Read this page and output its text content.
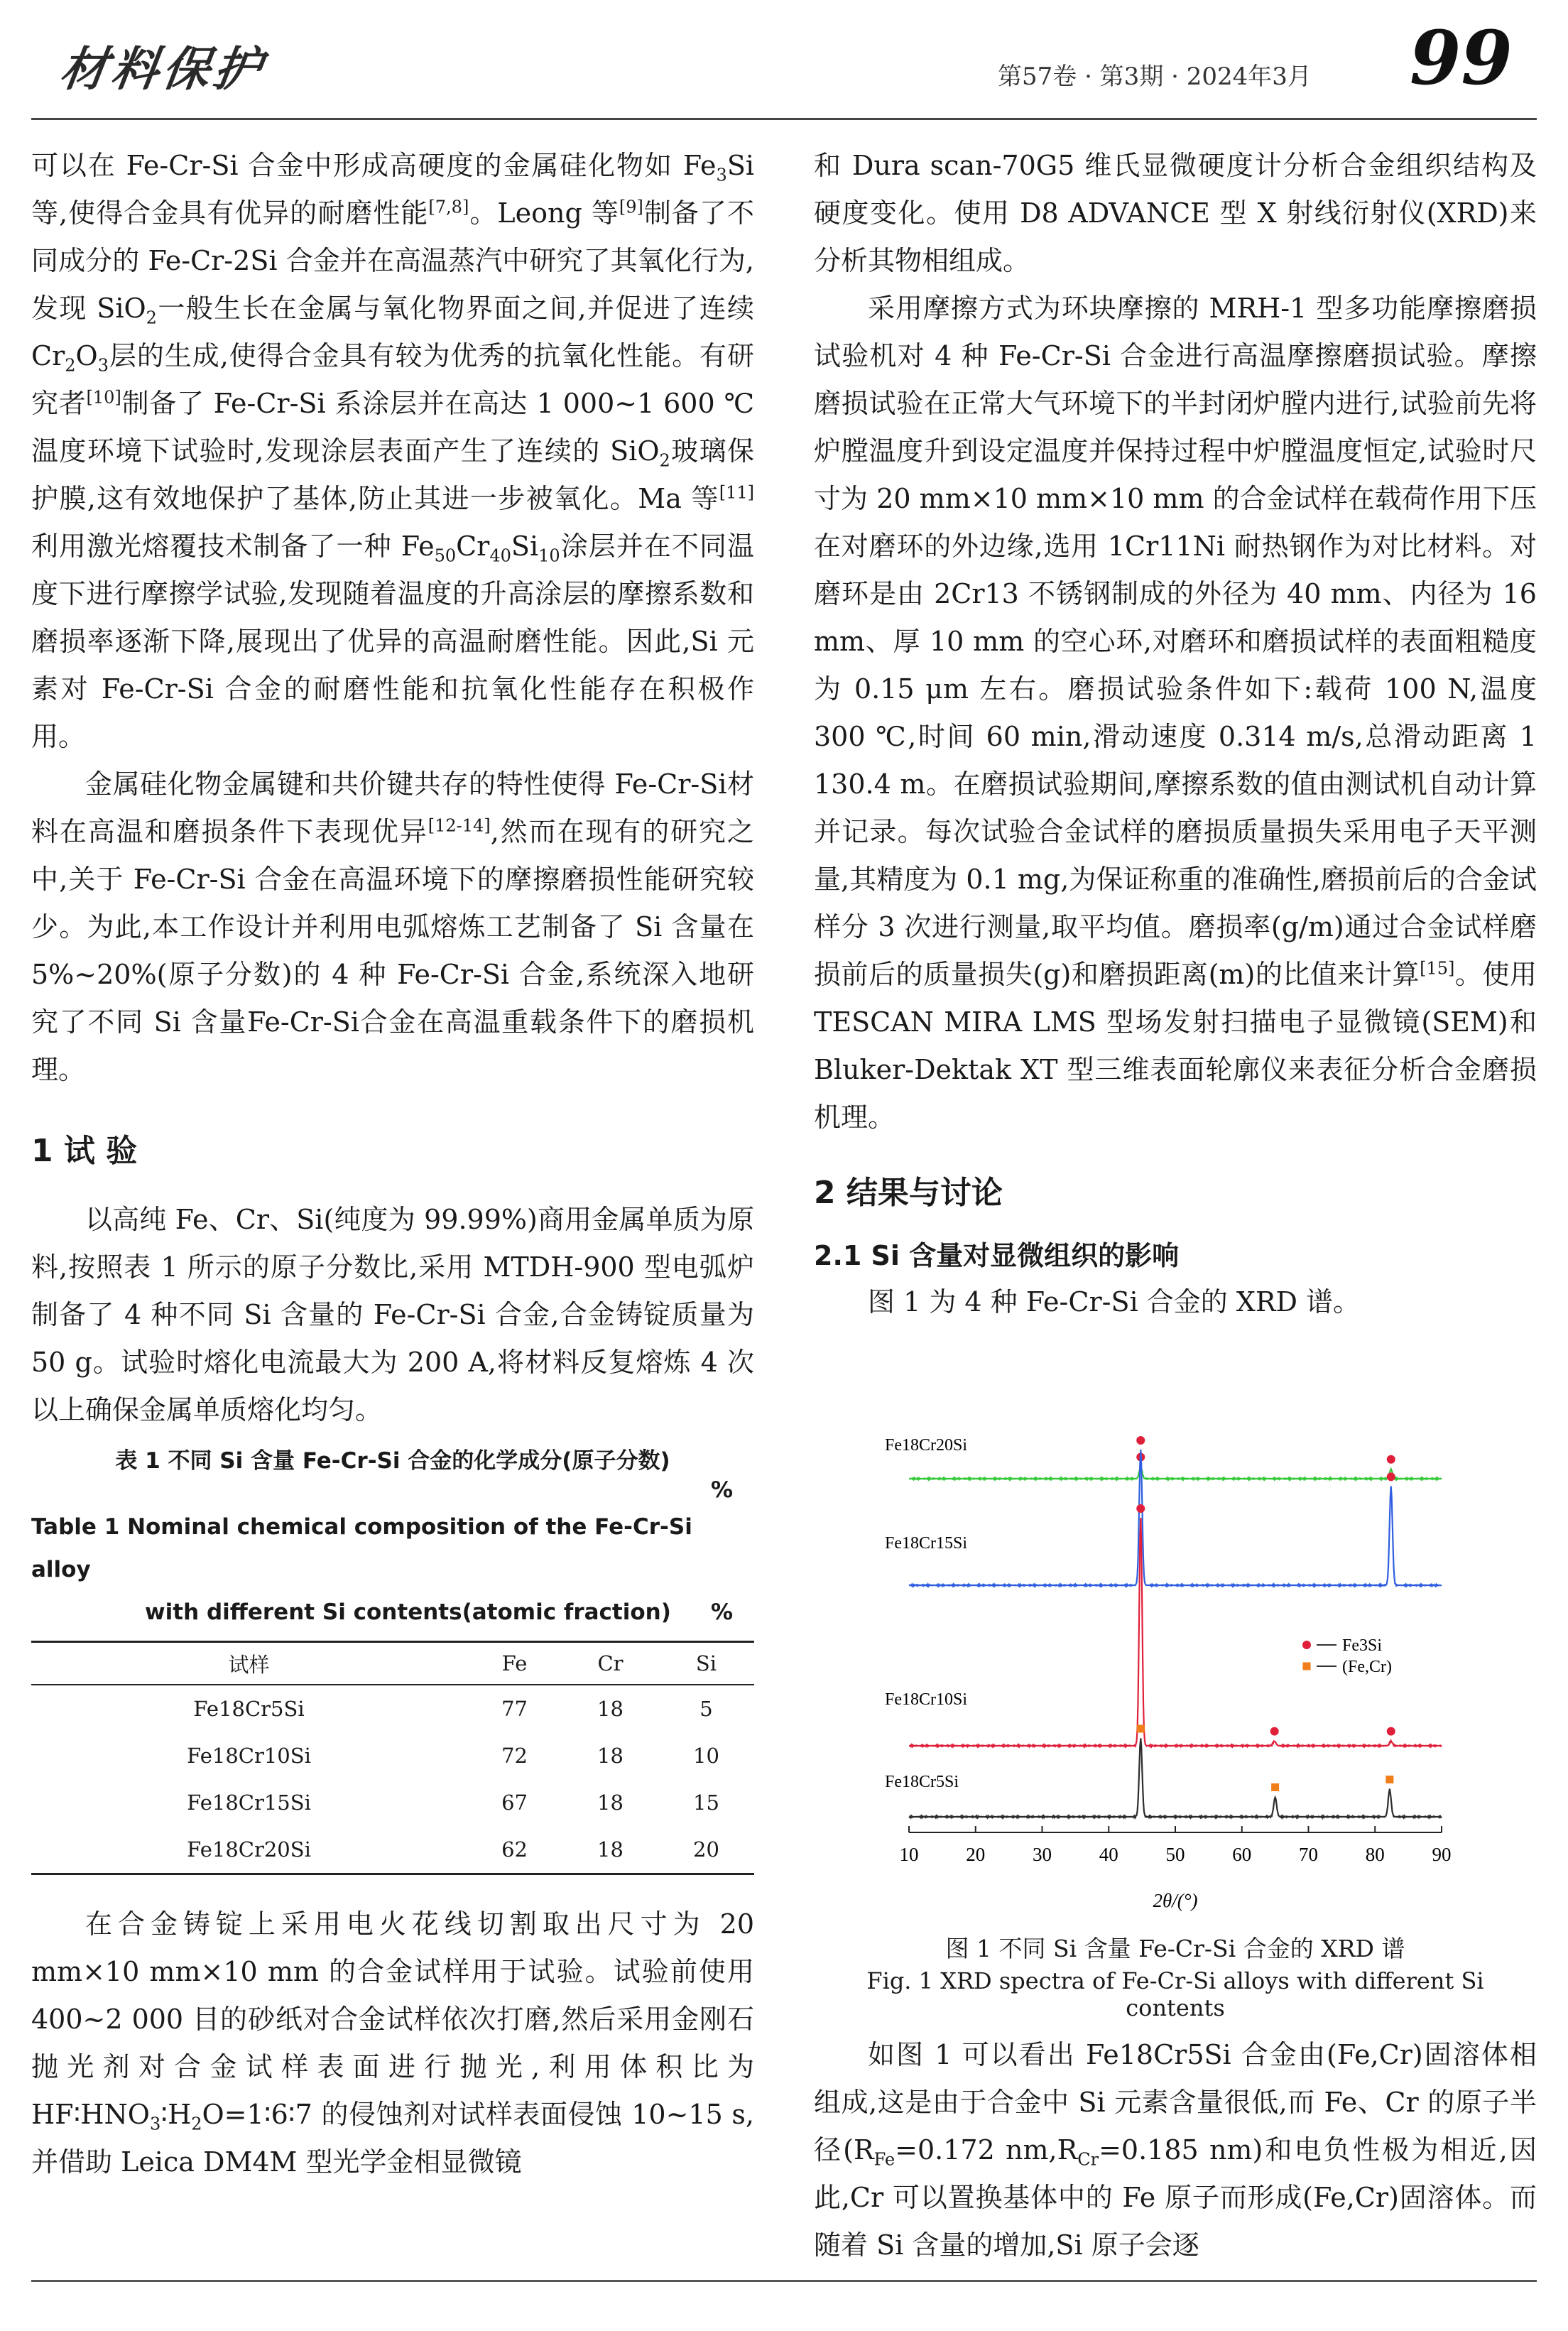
材料保护	第57卷 · 第3期 · 2024年3月 99

可以在 Fe-Cr-Si 合金中形成高硬度的金属硅化物如 $Fe_3Si$ 等,使得合金具有优异的耐磨性能[7,8]。Leong 等[9]制备了不同成分的 Fe-Cr-2Si 合金并在高温蒸汽中研究了其氧化行为,发现 SiO$_2$一般生长在金属与氧化物界面之间,并促进了连续 $Cr_2O_3$层的生成,使得合金具有较为优秀的抗氧化性能。有研究者[10]制备了 Fe-Cr-Si 系涂层并在高达 1 000~1 600 ℃温度环境下试验时,发现涂层表面产生了连续的 SiO$_2$玻璃保护膜,这有效地保护了基体,防止其进一步被氧化。Ma 等[11]利用激光熔覆技术制备了一种 $Fe_{50}Cr_{40}Si_{10}$涂层并在不同温度下进行摩擦学试验,发现随着温度的升高涂层的摩擦系数和磨损率逐渐下降,展现出了优异的高温耐磨性能。因此,Si 元素对 Fe-Cr-Si 合金的耐磨性能和抗氧化性能存在积极作用。

金属硅化物金属键和共价键共存的特性使得 Fe-Cr-Si材料在高温和磨损条件下表现优异[12-14],然而在现有的研究之中,关于 Fe-Cr-Si 合金在高温环境下的摩擦磨损性能研究较少。为此,本工作设计并利用电弧熔炼工艺制备了 Si 含量在 5%~20%(原子分数)的 4 种 Fe-Cr-Si 合金,系统深入地研究了不同 Si 含量Fe-Cr-Si合金在高温重载条件下的磨损机理。

1 试 验

以高纯 Fe、Cr、Si(纯度为 99.99%)商用金属单质为原料,按照表 1 所示的原子分数比,采用 MTDH-900 型电弧炉制备了 4 种不同 Si 含量的 Fe-Cr-Si 合金,合金铸锭质量为 50 g。试验时熔化电流最大为 200 A,将材料反复熔炼 4 次以上确保金属单质熔化均匀。

表 1 不同 Si 含量 Fe-Cr-Si 合金的化学成分(原子分数)

%

Table 1 Nominal chemical composition of the Fe-Cr-Si alloy

with different Si contents(atomic fraction) %

试样	Fe	Cr	Si
Fe18Cr5Si	77	18	5
Fe18Cr10Si	72	18	10
Fe18Cr15Si	67	18	15
Fe18Cr20Si	62	18	20

在合金铸锭上采用电火花线切割取出尺寸为 20 mm×10 mm×10 mm 的合金试样用于试验。试验前使用 400~2 000 目的砂纸对合金试样依次打磨,然后采用金刚石抛光剂对合金试样表面进行抛光,利用体积比为 $HF∶HNO_3∶H_2O=1∶6∶7$ 的侵蚀剂对试样表面侵蚀 10~15 s,并借助 Leica DM4M 型光学金相显微镜

和 Dura scan-70G5 维氏显微硬度计分析合金组织结构及硬度变化。使用 D8 ADVANCE 型 X 射线衍射仪(XRD)来分析其物相组成。

采用摩擦方式为环块摩擦的 MRH-1 型多功能摩擦磨损试验机对 4 种 Fe-Cr-Si 合金进行高温摩擦磨损试验。摩擦磨损试验在正常大气环境下的半封闭炉膛内进行,试验前先将炉膛温度升到设定温度并保持过程中炉膛温度恒定,试验时尺寸为 20 mm×10 mm×10 mm 的合金试样在载荷作用下压在对磨环的外边缘,选用 1Cr11Ni 耐热钢作为对比材料。对磨环是由 2Cr13 不锈钢制成的外径为 40 mm、内径为 16 mm、厚 10 mm 的空心环,对磨环和磨损试样的表面粗糙度为 0.15 μm 左右。磨损试验条件如下:载荷 100 N,温度 300 ℃,时间 60 min,滑动速度 0.314 m/s,总滑动距离 1 130.4 m。在磨损试验期间,摩擦系数的值由测试机自动计算并记录。每次试验合金试样的磨损质量损失采用电子天平测量,其精度为 0.1 mg,为保证称重的准确性,磨损前后的合金试样分 3 次进行测量,取平均值。磨损率(g/m)通过合金试样磨损前后的质量损失(g)和磨损距离(m)的比值来计算[15]。使用 TESCAN MIRA LMS 型场发射扫描电子显微镜(SEM)和Bluker-Dektak XT 型三维表面轮廓仪来表征分析合金磨损机理。

2 结果与讨论

2.1 Si 含量对显微组织的影响

图 1 为 4 种 Fe-Cr-Si 合金的 XRD 谱。

10 20 30 40 50 60 70 80 90
2θ/(°)
Fe18Cr20Si
Fe18Cr15Si
Fe18Cr10Si
Fe18Cr5Si
Fe3Si
(Fe,Cr)

图 1 不同 Si 含量 Fe-Cr-Si 合金的 XRD 谱

Fig. 1 XRD spectra of Fe-Cr-Si alloys with different Si contents

如图 1 可以看出 Fe18Cr5Si 合金由(Fe,Cr)固溶体相组成,这是由于合金中 Si 元素含量很低,而 Fe、Cr 的原子半径($R_{Fe}=0.172$ $nm,R_{Cr}=0.185$ nm)和电负性极为相近,因此,Cr 可以置换基体中的 Fe 原子而形成(Fe,Cr)固溶体。而随着 Si 含量的增加,Si 原子会逐
